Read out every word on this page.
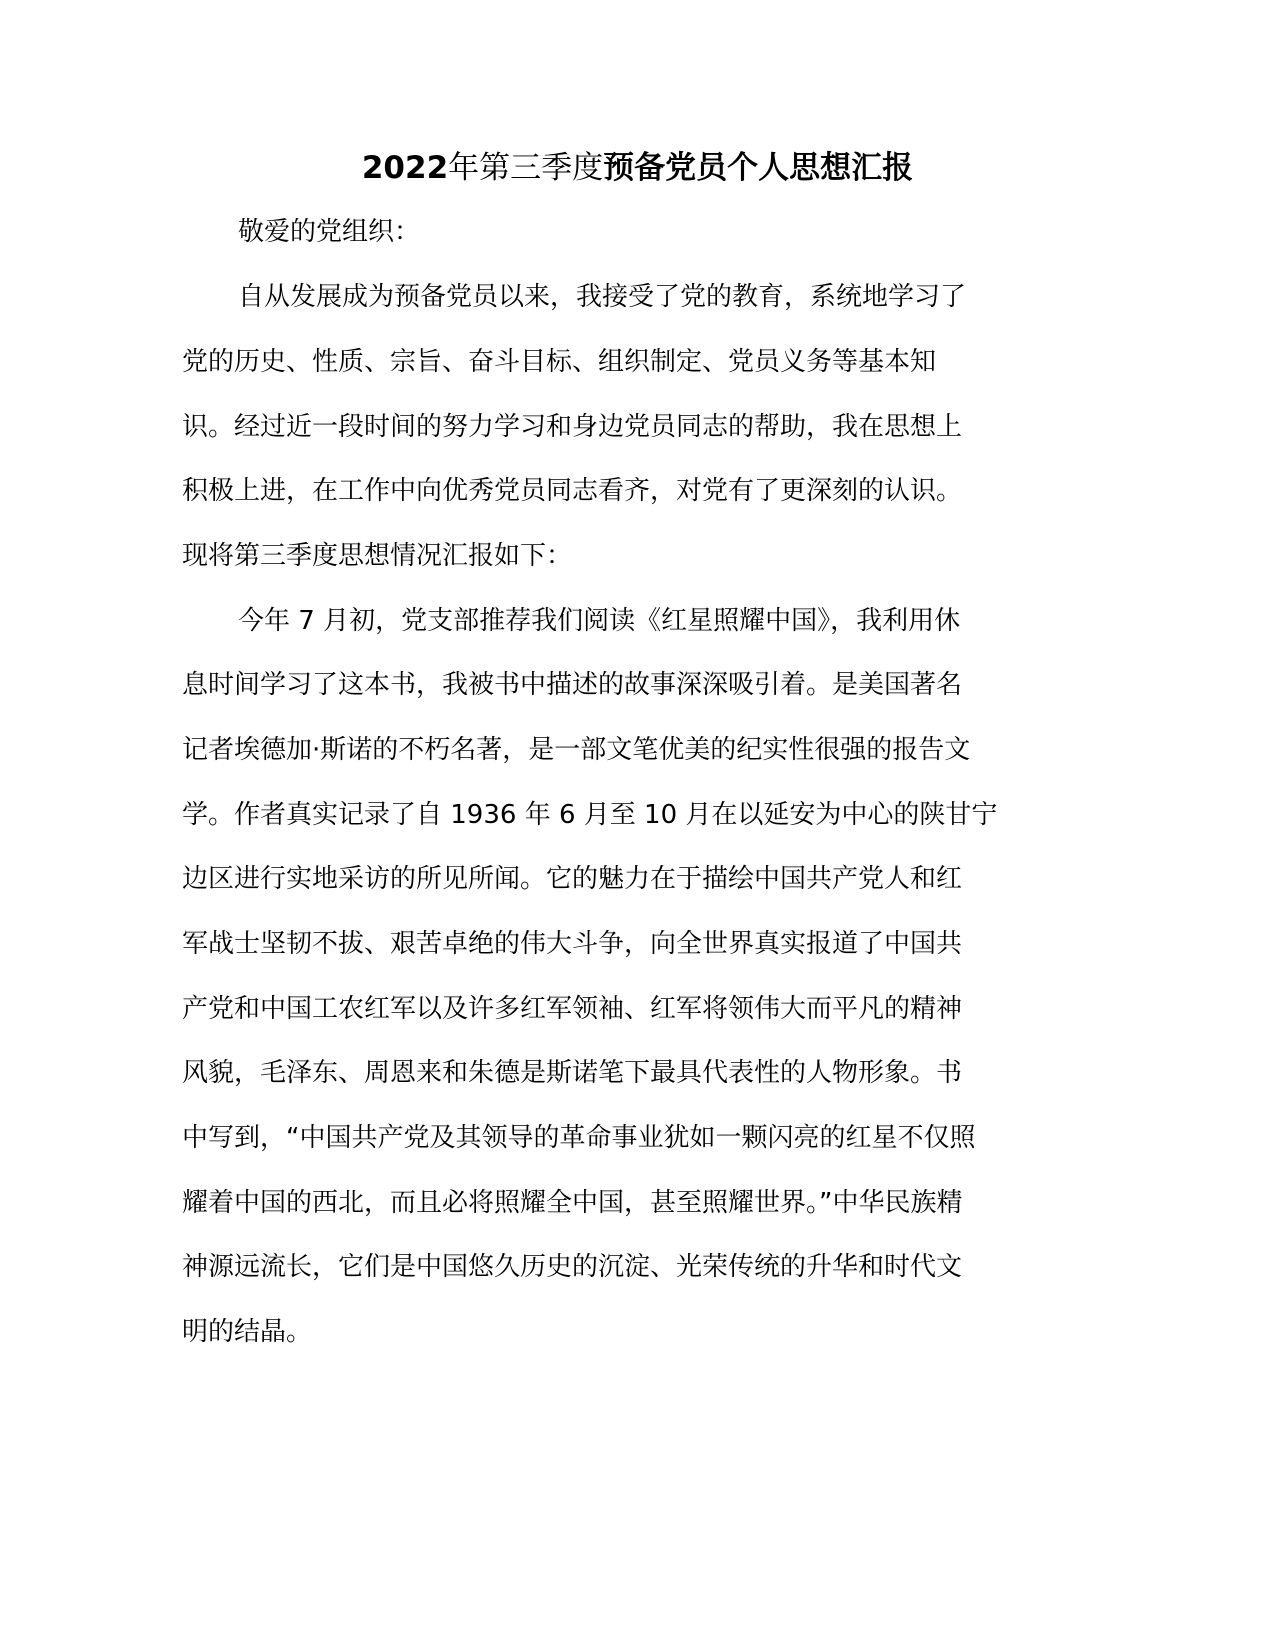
2022年第三季度预备党员个人思想汇报
敬爱的党组织：
自从发展成为预备党员以来，我接受了党的教育，系统地学习了
党的历史、性质、宗旨、奋斗目标、组织制定、党员义务等基本知
识。经过近一段时间的努力学习和身边党员同志的帮助，我在思想上
积极上进，在工作中向优秀党员同志看齐，对党有了更深刻的认识。
现将第三季度思想情况汇报如下：
今年 7 月初，党支部推荐我们阅读《红星照耀中国》，我利用休
息时间学习了这本书，我被书中描述的故事深深吸引着。是美国著名
记者埃德加·斯诺的不朽名著，是一部文笔优美的纪实性很强的报告文
学。作者真实记录了自 1936 年 6 月至 10 月在以延安为中心的陕甘宁
边区进行实地采访的所见所闻。它的魅力在于描绘中国共产党人和红
军战士坚韧不拔、艰苦卓绝的伟大斗争，向全世界真实报道了中国共
产党和中国工农红军以及许多红军领袖、红军将领伟大而平凡的精神
风貌，毛泽东、周恩来和朱德是斯诺笔下最具代表性的人物形象。书
中写到，“中国共产党及其领导的革命事业犹如一颗闪亮的红星不仅照
耀着中国的西北，而且必将照耀全中国，甚至照耀世界。”中华民族精
神源远流长，它们是中国悠久历史的沉淀、光荣传统的升华和时代文
明的结晶。
